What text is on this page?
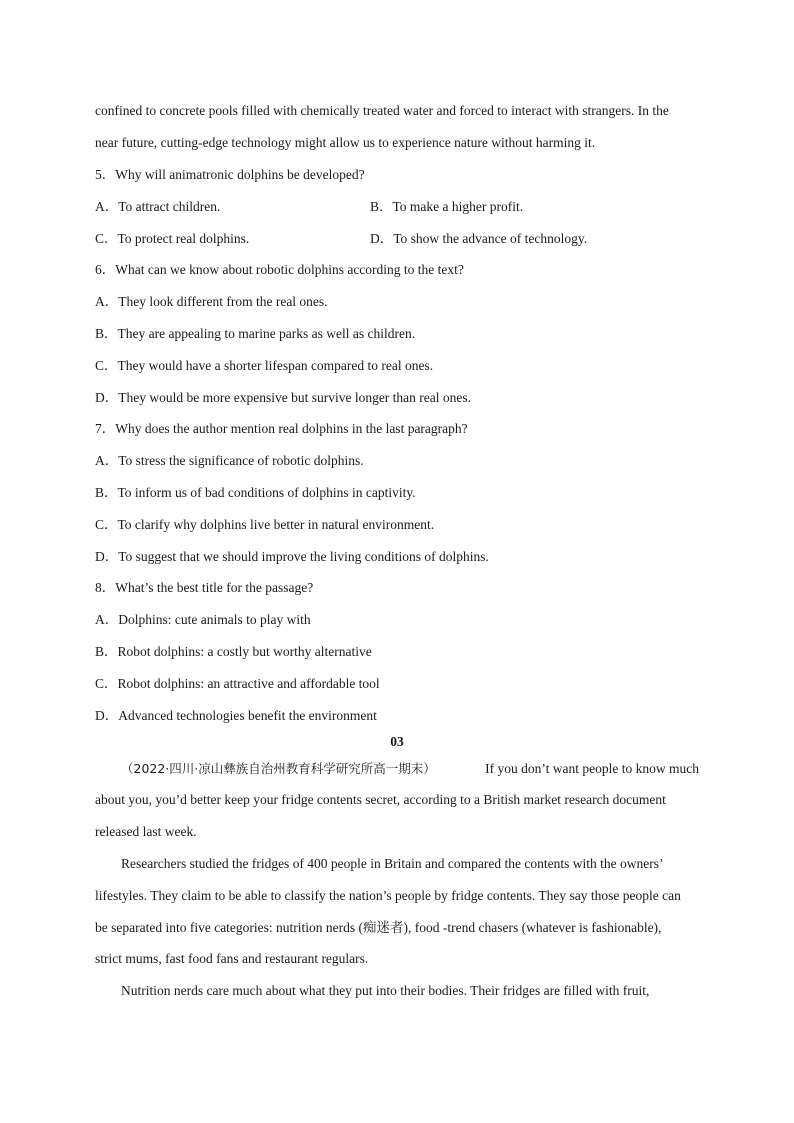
confined to concrete pools filled with chemically treated water and forced to interact with strangers. In the
near future, cutting-edge technology might allow us to experience nature without harming it.
5．Why will animatronic dolphins be developed?
A．To attract children.	B．To make a higher profit.
C．To protect real dolphins.	D．To show the advance of technology.
6．What can we know about robotic dolphins according to the text?
A．They look different from the real ones.
B．They are appealing to marine parks as well as children.
C．They would have a shorter lifespan compared to real ones.
D．They would be more expensive but survive longer than real ones.
7．Why does the author mention real dolphins in the last paragraph?
A．To stress the significance of robotic dolphins.
B．To inform us of bad conditions of dolphins in captivity.
C．To clarify why dolphins live better in natural environment.
D．To suggest that we should improve the living conditions of dolphins.
8．What’s the best title for the passage?
A．Dolphins: cute animals to play with
B．Robot dolphins: a costly but worthy alternative
C．Robot dolphins: an attractive and affordable tool
D．Advanced technologies benefit the environment
03
（2022·四川·凉山彝族自治州教育科学研究所高一期末）	If you don’t want people to know much
about you, you’d better keep your fridge contents secret, according to a British market research document
released last week.
Researchers studied the fridges of 400 people in Britain and compared the contents with the owners’
lifestyles. They claim to be able to classify the nation’s people by fridge contents. They say those people can
be separated into five categories: nutrition nerds (痴迷者), food -trend chasers (whatever is fashionable),
strict mums, fast food fans and restaurant regulars.
Nutrition nerds care much about what they put into their bodies. Their fridges are filled with fruit,
